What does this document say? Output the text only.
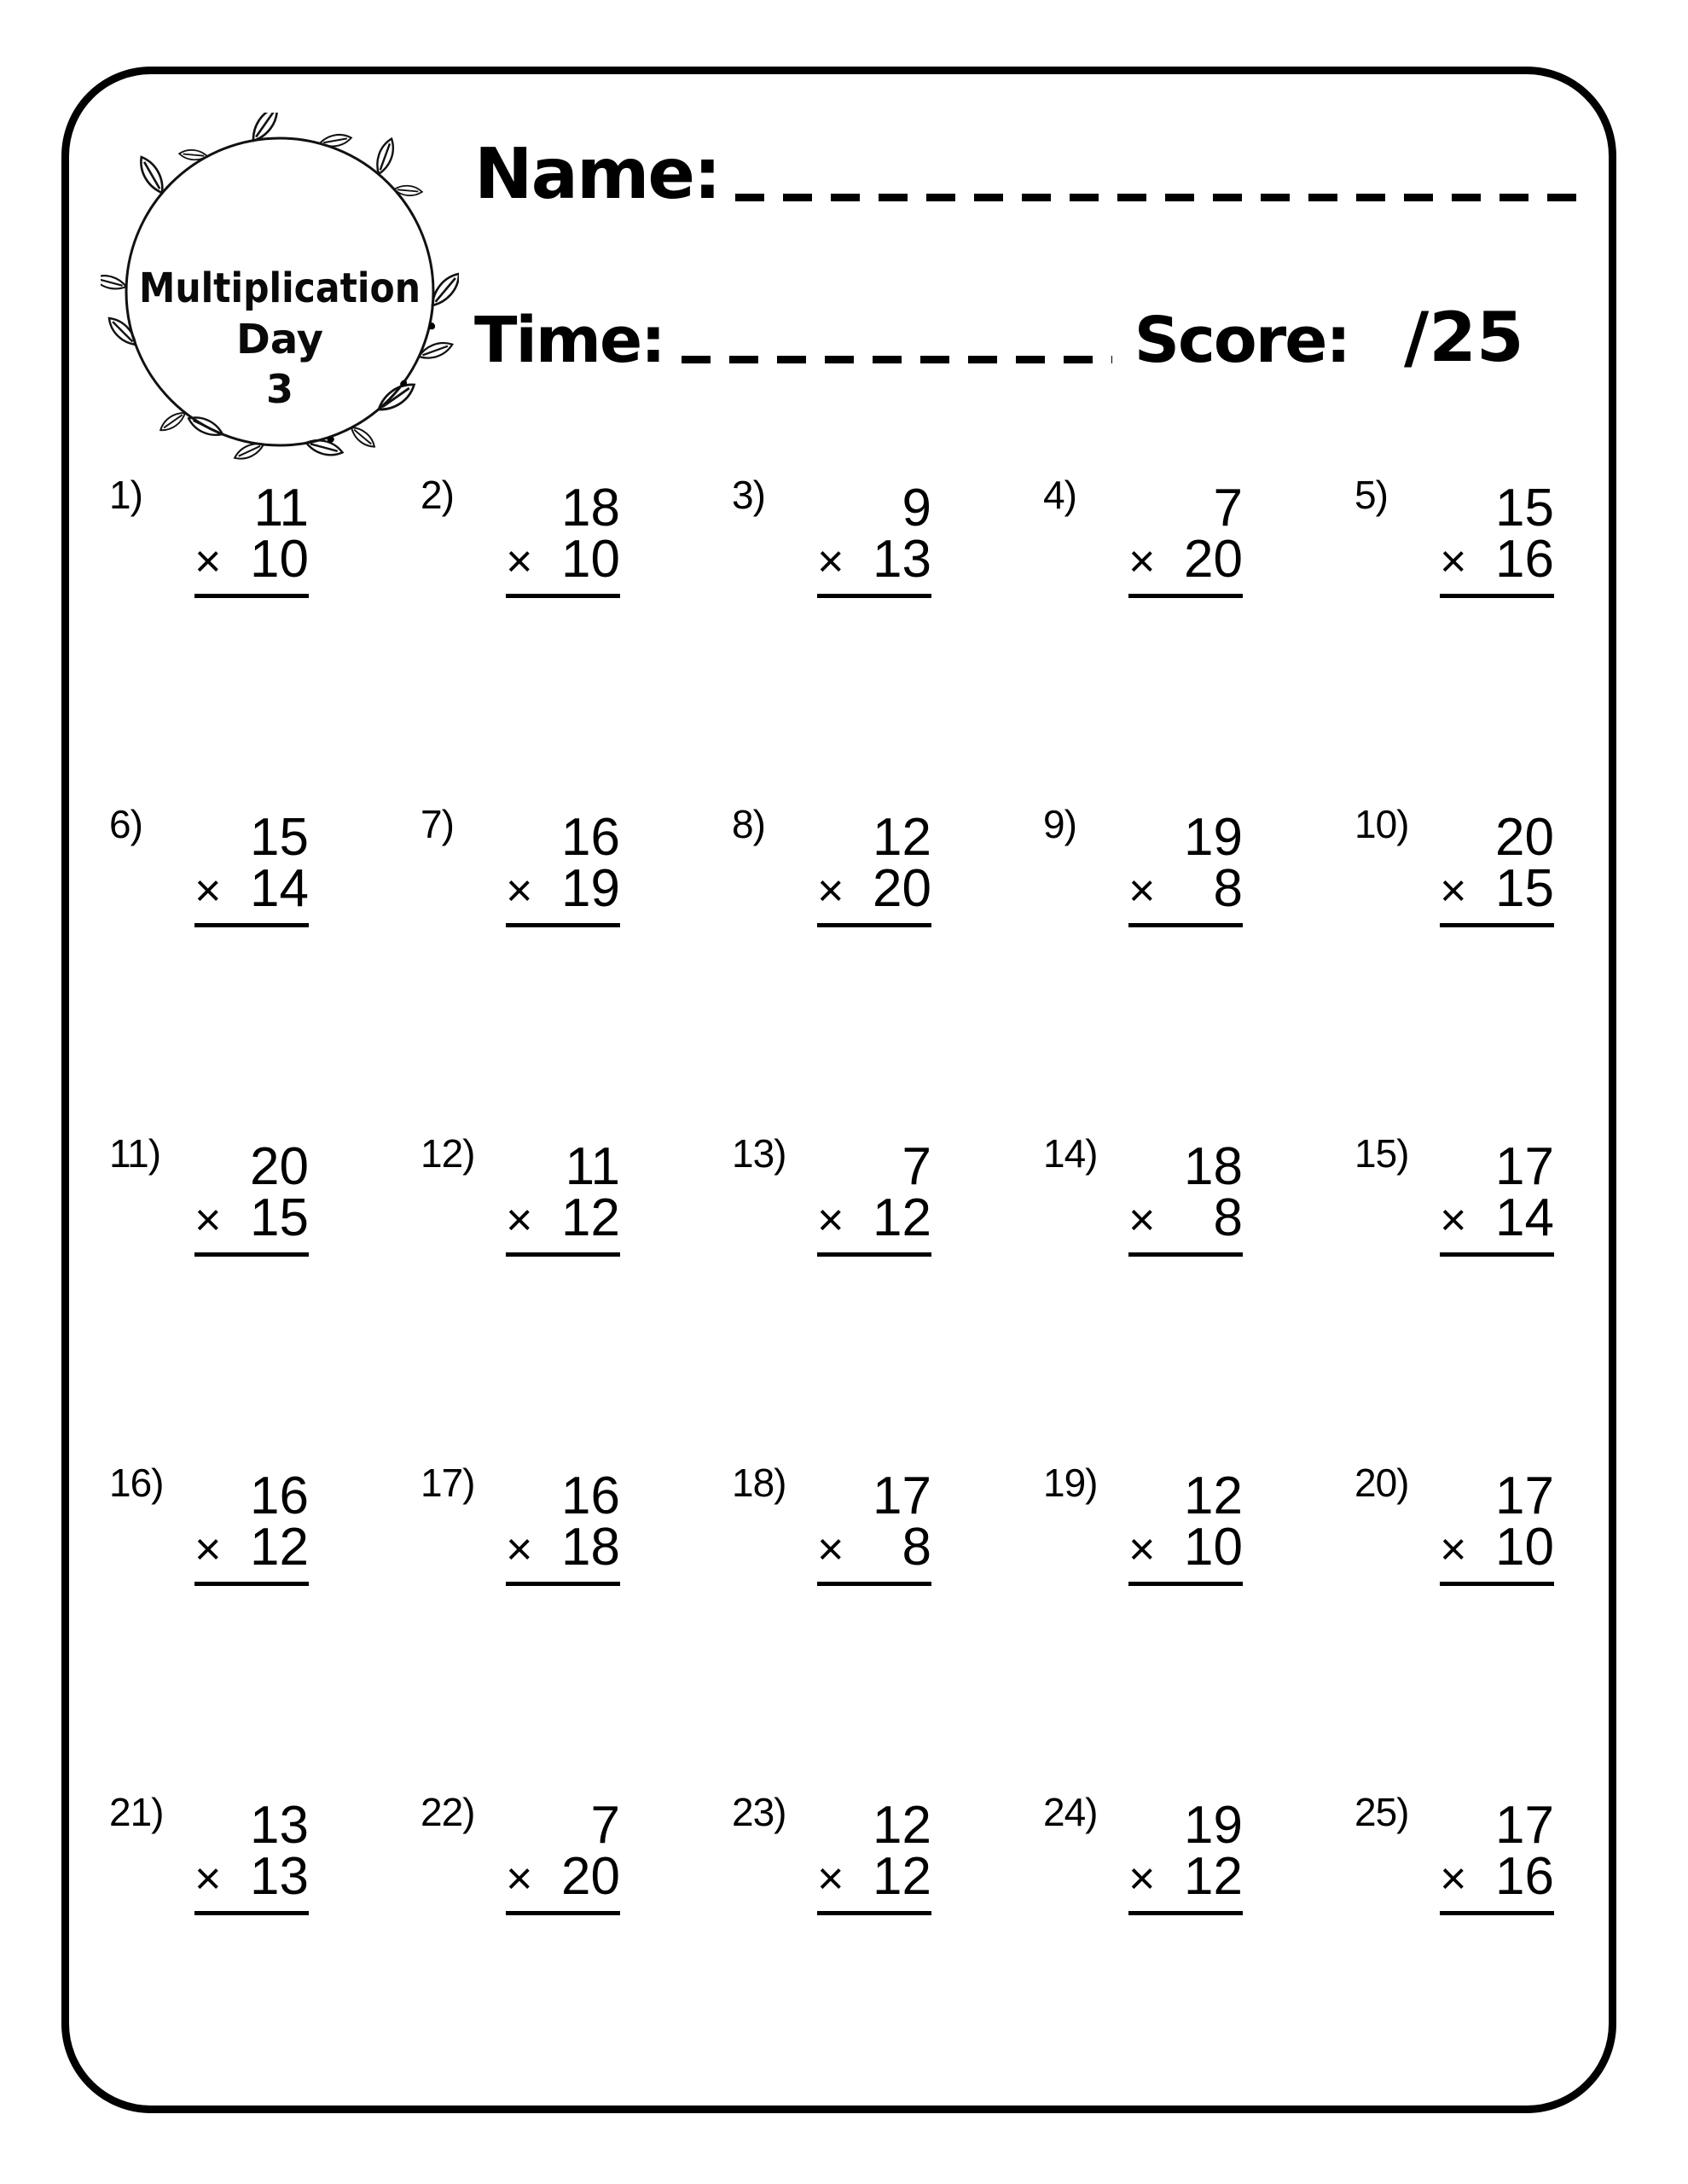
Multiplication
Day
3
Name:
Time:	Score: /25
1)	11
× 10
2)	18
× 10
3)	9
× 13
4)	7
× 20
5)	15
× 16
6)	15
× 14
7)	16
× 19
8)	12
× 20
9)	19
× 8
10)	20
× 15
11)	20
× 15
12)	11
× 12
13)	7
× 12
14)	18
× 8
15)	17
× 14
16)	16
× 12
17)	16
× 18
18)	17
× 8
19)	12
× 10
20)	17
× 10
21)	13
× 13
22)	7
× 20
23)	12
× 12
24)	19
× 12
25)	17
× 16
